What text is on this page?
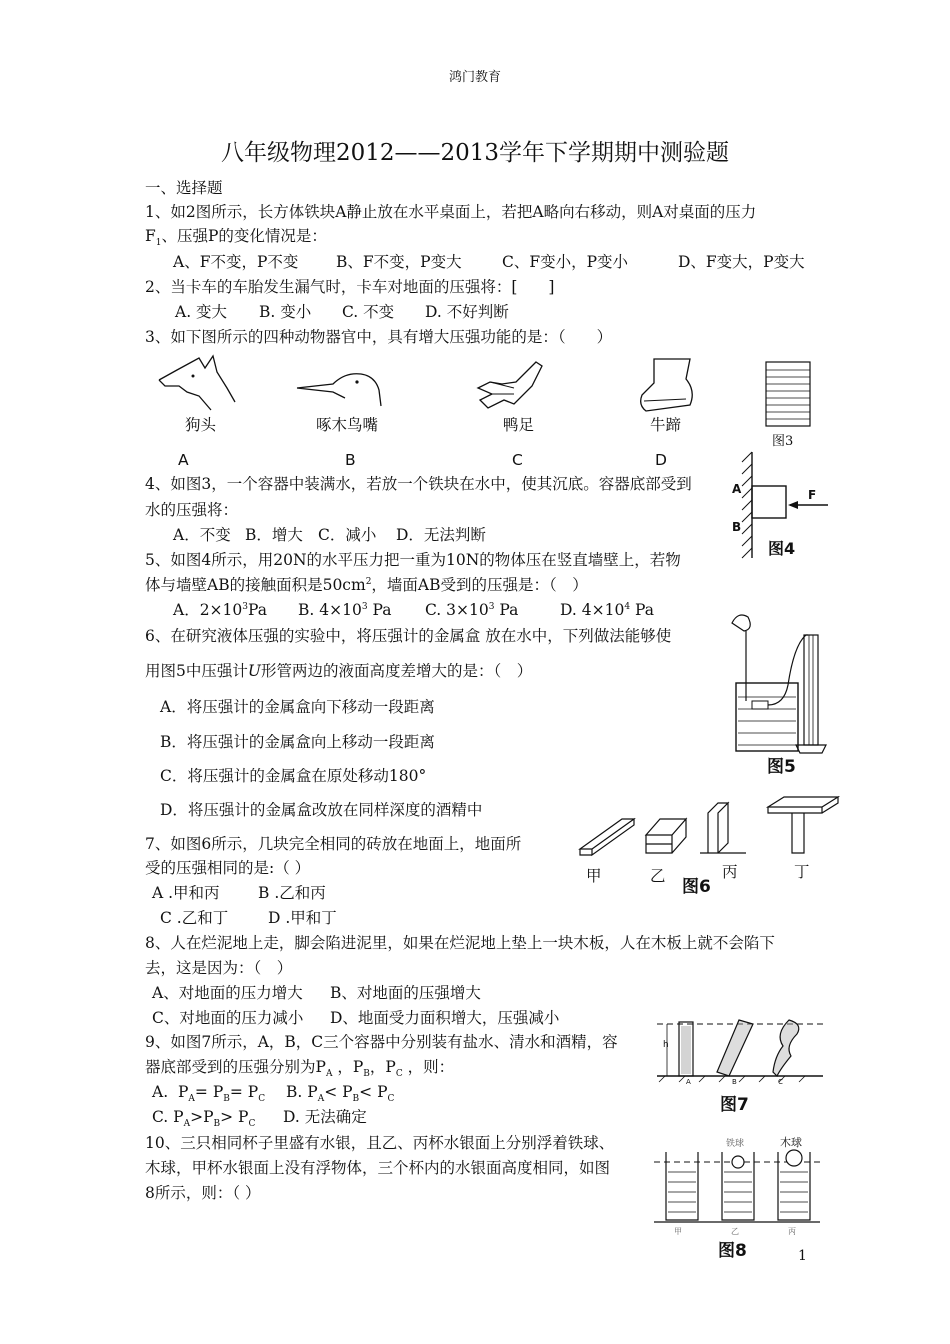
鸿门教育
八年级物理2012——2013学年下学期期中测验题
一、选择题
1、如2图所示，长方体铁块A静止放在水平桌面上，若把A略向右移动，则A对桌面的压力
$F_1$、压强P的变化情况是：
A、F不变，P不变 B、F不变，P变大	C、F变小，P变小	D、F变大，P变大
2、当卡车的车胎发生漏气时，卡车对地面的压强将：[　　]
A. 变大 B. 变小 C. 不变 D. 不好判断
3、如下图所示的四种动物器官中，具有增大压强功能的是：（　　）
狗头	啄木鸟嘴	鸭足	牛蹄
A	B	C	D
图3
4、如图3，一个容器中装满水，若放一个铁块在水中，使其沉底。容器底部受到
水的压强将：
A．不变 B．增大 C．减小 D．无法判断
A
B
F
图4
5、如图4所示，用20N的水平压力把一重为10N的物体压在竖直墙壁上，若物
体与墙壁AB的接触面积是$50cm^2$，墙面AB受到的压强是：（　）
A．$2\times 10^3Pa$ B. $4\times 10^3$ Pa C. $3\times 10^3$ Pa	D. $4\times 10^4$ Pa
6、在研究液体压强的实验中，将压强计的金属盒 放在水中，下列做法能够使
用图5中压强计U形管两边的液面高度差增大的是：（　）
A．将压强计的金属盒向下移动一段距离
B．将压强计的金属盒向上移动一段距离
C．将压强计的金属盒在原处移动180°
D．将压强计的金属盒改放在同样深度的酒精中
图5
7、如图6所示，几块完全相同的砖放在地面上，地面所
受的压强相同的是:（ ）
A .甲和丙 B .乙和丙
C .乙和丁	D .甲和丁
甲	乙	丙	丁
图6
8、人在烂泥地上走，脚会陷进泥里，如果在烂泥地上垫上一块木板，人在木板上就不会陷下
去，这是因为：（　）
A、对地面的压力增大 B、对地面的压强增大
C、对地面的压力减小 D、地面受力面积增大，压强减小
9、如图7所示，A，B，C三个容器中分别装有盐水、清水和酒精，容
器底部受到的压强分别为$P_A$ ，$P_B$，$P_C$ ，则：
A.  $P_A= P_B= P_C$ B. $P_A< P_B< P_C$
C. $P_A>P_B> P_C$ D. 无法确定
h
A	B	C
图7
10、三只相同杯子里盛有水银，且乙、丙杯水银面上分别浮着铁球、
木球，甲杯水银面上没有浮物体，三个杯内的水银面高度相同，如图
8所示，则：（ ）
铁球	木球
甲	乙	丙
图8	1
